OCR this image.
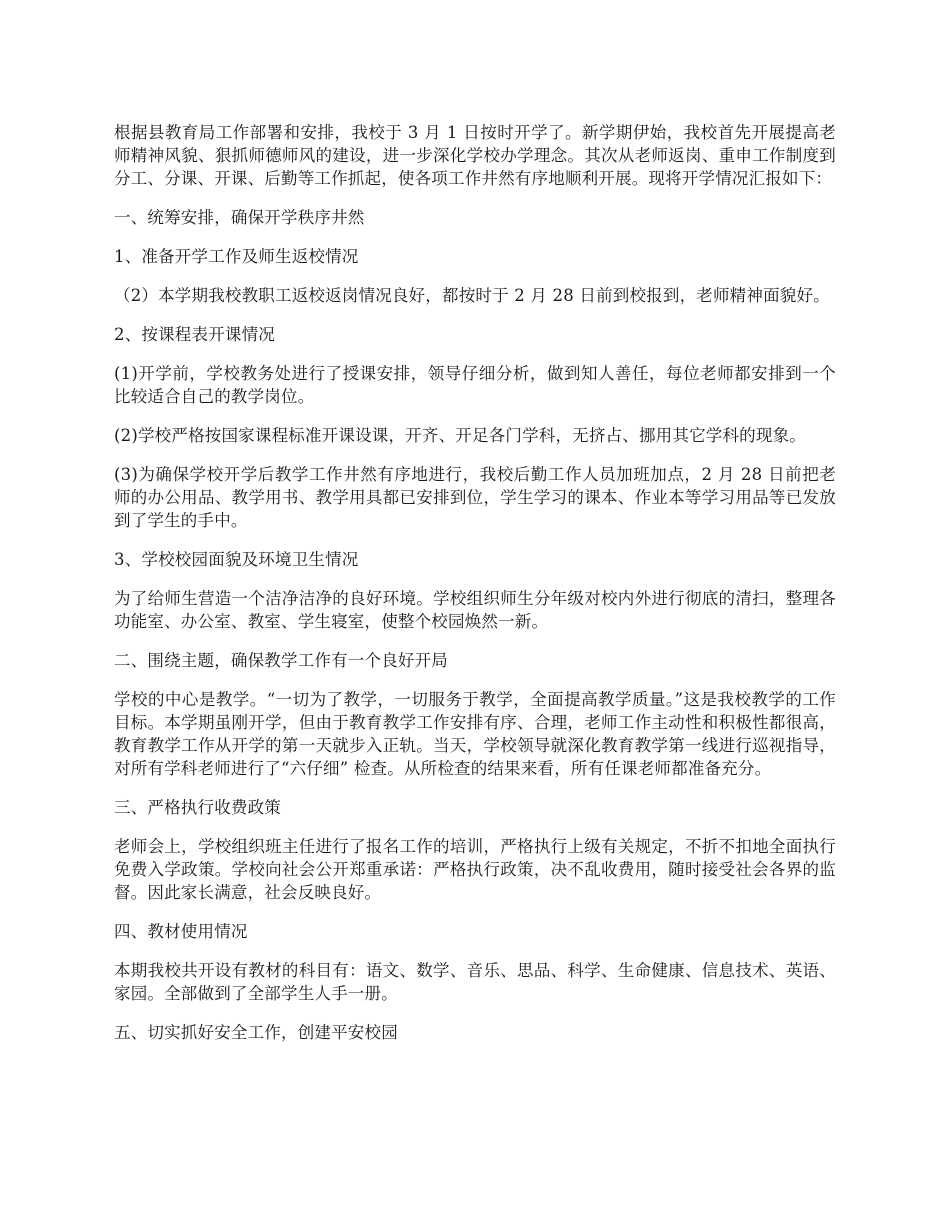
根据县教育局工作部署和安排，我校于 3 月 1 日按时开学了。新学期伊始，我校首先开展提高老师精神风貌、狠抓师德师风的建设，进一步深化学校办学理念。其次从老师返岗、重申工作制度到分工、分课、开课、后勤等工作抓起，使各项工作井然有序地顺利开展。现将开学情况汇报如下：

一、统筹安排，确保开学秩序井然

1、准备开学工作及师生返校情况

（2）本学期我校教职工返校返岗情况良好，都按时于 2 月 28 日前到校报到，老师精神面貌好。

2、按课程表开课情况

(1)开学前，学校教务处进行了授课安排，领导仔细分析，做到知人善任，每位老师都安排到一个比较适合自己的教学岗位。

(2)学校严格按国家课程标准开课设课，开齐、开足各门学科，无挤占、挪用其它学科的现象。

(3)为确保学校开学后教学工作井然有序地进行，我校后勤工作人员加班加点，2 月 28 日前把老师的办公用品、教学用书、教学用具都已安排到位，学生学习的课本、作业本等学习用品等已发放到了学生的手中。

3、学校校园面貌及环境卫生情况

为了给师生营造一个洁净洁净的良好环境。学校组织师生分年级对校内外进行彻底的清扫，整理各功能室、办公室、教室、学生寝室，使整个校园焕然一新。

二、围绕主题，确保教学工作有一个良好开局

学校的中心是教学。“一切为了教学，一切服务于教学，全面提高教学质量。”这是我校教学的工作目标。本学期虽刚开学，但由于教育教学工作安排有序、合理，老师工作主动性和积极性都很高，教育教学工作从开学的第一天就步入正轨。当天，学校领导就深化教育教学第一线进行巡视指导，对所有学科老师进行了“六仔细” 检查。从所检查的结果来看，所有任课老师都准备充分。

三、严格执行收费政策

老师会上，学校组织班主任进行了报名工作的培训，严格执行上级有关规定，不折不扣地全面执行免费入学政策。学校向社会公开郑重承诺：严格执行政策，决不乱收费用，随时接受社会各界的监督。因此家长满意，社会反映良好。

四、教材使用情况

本期我校共开设有教材的科目有：语文、数学、音乐、思品、科学、生命健康、信息技术、英语、家园。全部做到了全部学生人手一册。

五、切实抓好安全工作，创建平安校园
